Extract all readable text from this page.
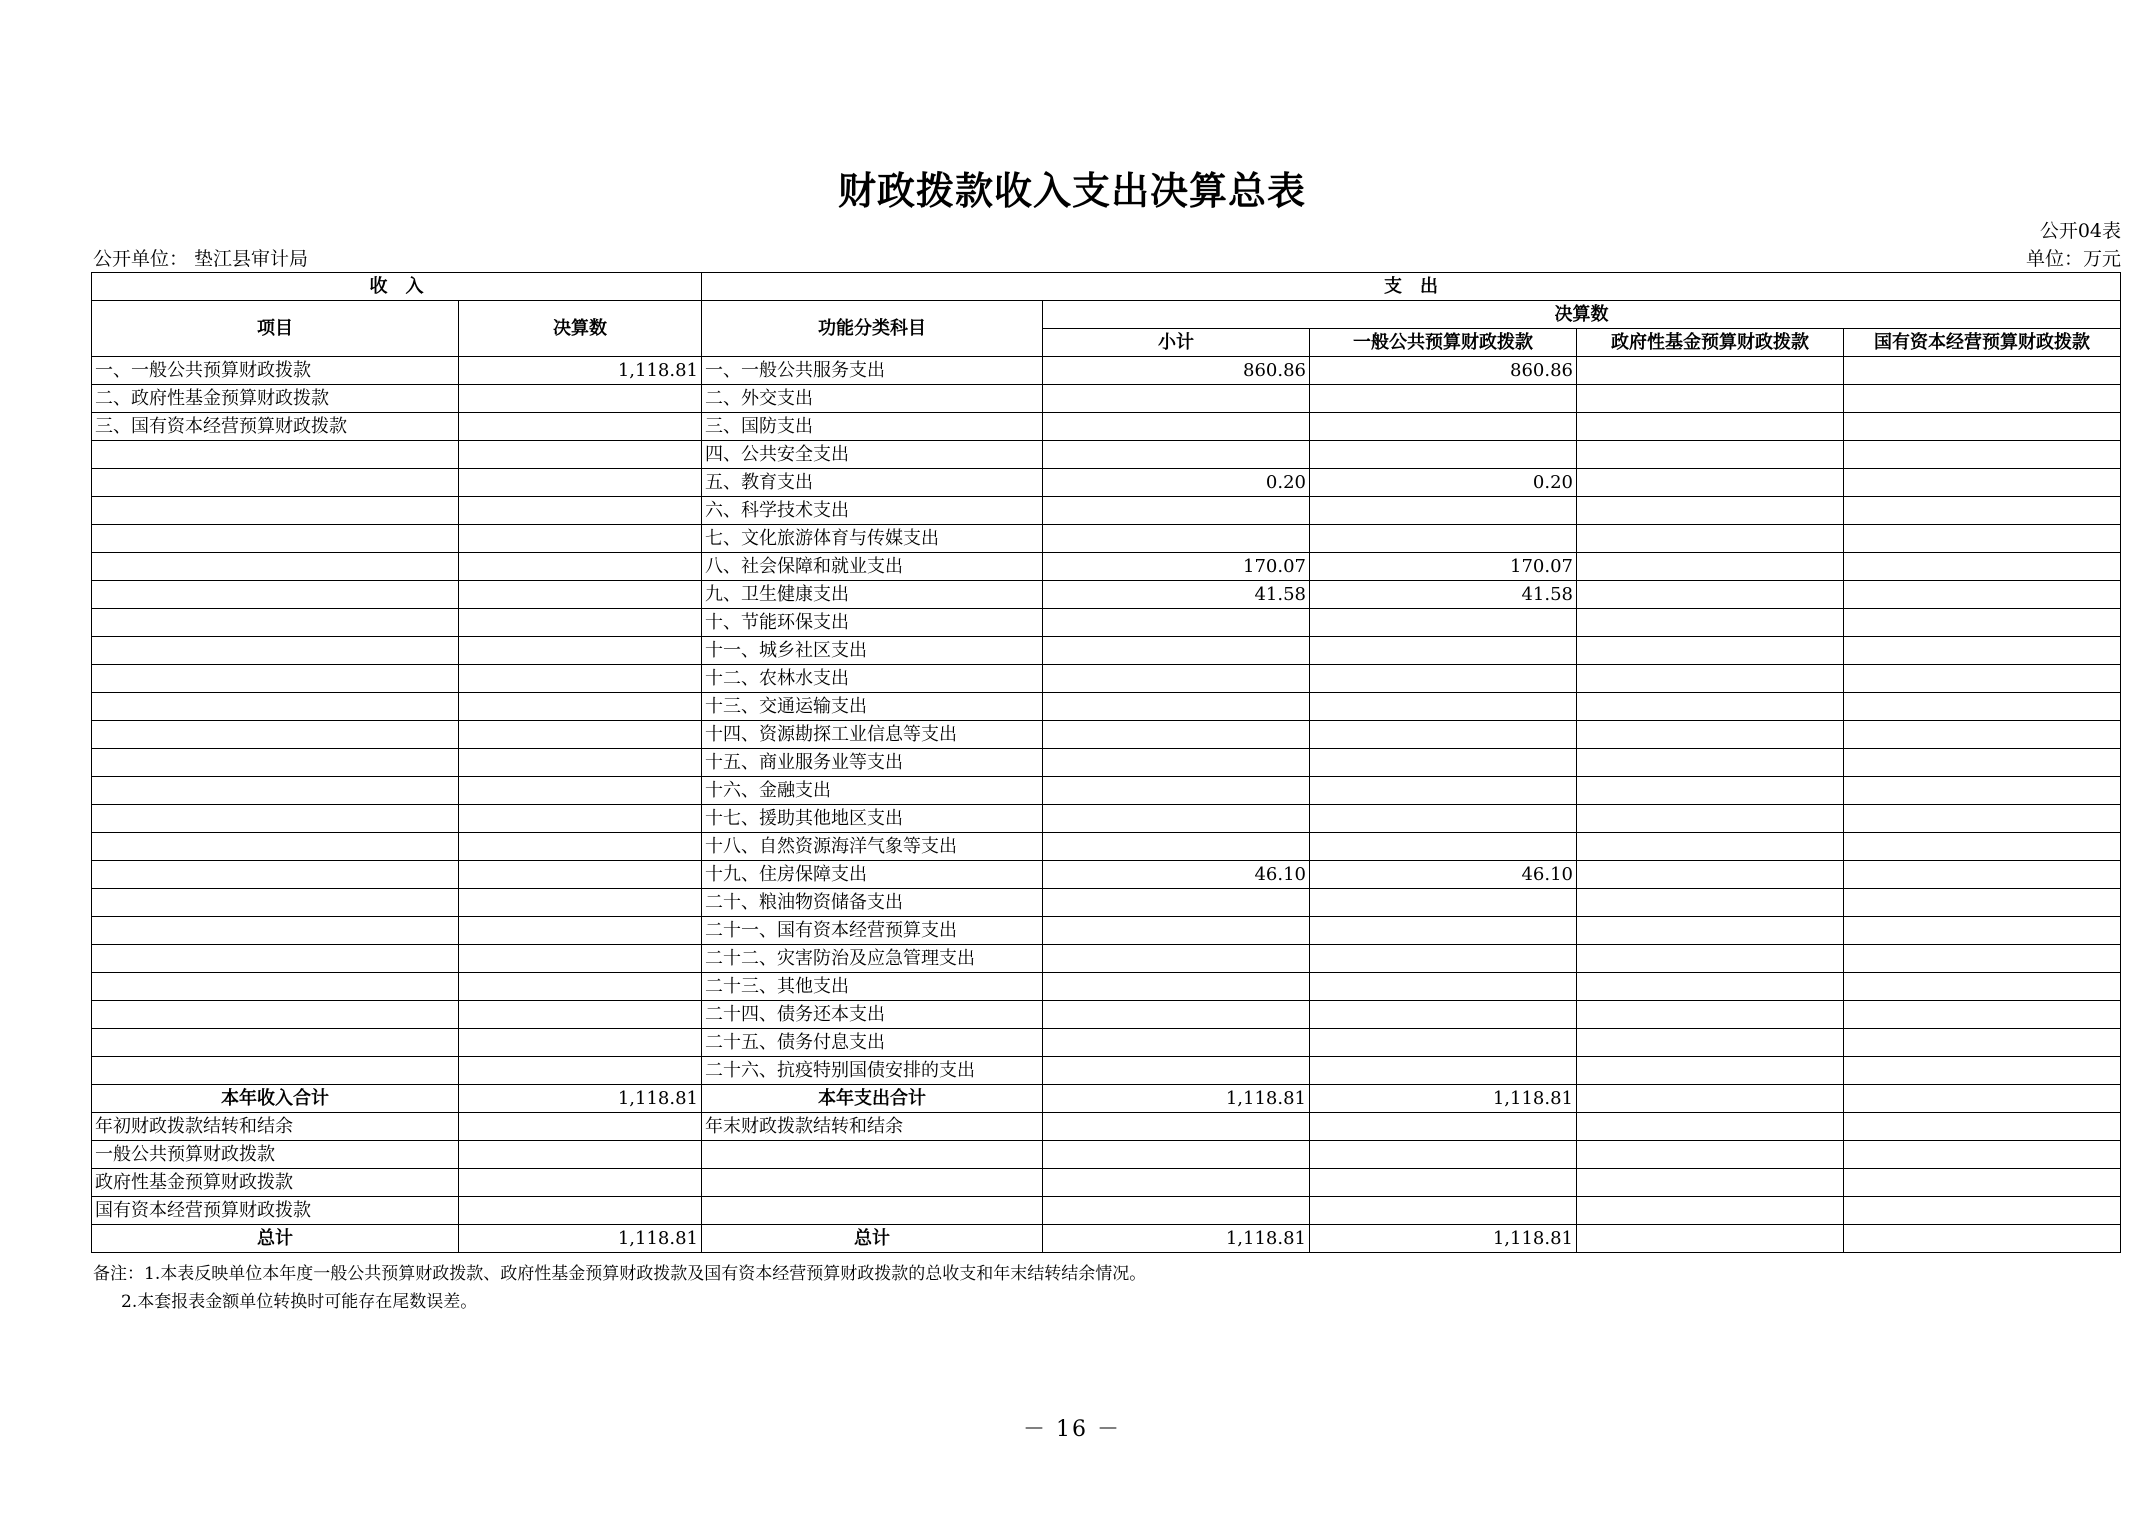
财政拨款收入支出决算总表
公开04表
公开单位： 垫江县审计局	单位：万元
收　入		支　出				
项目	决算数	功能分类科目	决算数			
			小计	一般公共预算财政拨款	政府性基金预算财政拨款	国有资本经营预算财政拨款
一、一般公共预算财政拨款	1,118.81	一、一般公共服务支出	860.86	860.86		
二、政府性基金预算财政拨款		二、外交支出				
三、国有资本经营预算财政拨款		三、国防支出				
		四、公共安全支出				
		五、教育支出	0.20	0.20		
		六、科学技术支出				
		七、文化旅游体育与传媒支出				
		八、社会保障和就业支出	170.07	170.07		
		九、卫生健康支出	41.58	41.58		
		十、节能环保支出				
		十一、城乡社区支出				
		十二、农林水支出				
		十三、交通运输支出				
		十四、资源勘探工业信息等支出				
		十五、商业服务业等支出				
		十六、金融支出				
		十七、援助其他地区支出				
		十八、自然资源海洋气象等支出				
		十九、住房保障支出	46.10	46.10		
		二十、粮油物资储备支出				
		二十一、国有资本经营预算支出				
		二十二、灾害防治及应急管理支出				
		二十三、其他支出				
		二十四、债务还本支出				
		二十五、债务付息支出				
		二十六、抗疫特别国债安排的支出				
本年收入合计	1,118.81	本年支出合计	1,118.81	1,118.81		
年初财政拨款结转和结余		年末财政拨款结转和结余				
一般公共预算财政拨款						
政府性基金预算财政拨款						
国有资本经营预算财政拨款						
总计	1,118.81	总计	1,118.81	1,118.81		
备注：1.本表反映单位本年度一般公共预算财政拨款、政府性基金预算财政拨款及国有资本经营预算财政拨款的总收支和年末结转结余情况。
2.本套报表金额单位转换时可能存在尾数误差。
－ 16 －
